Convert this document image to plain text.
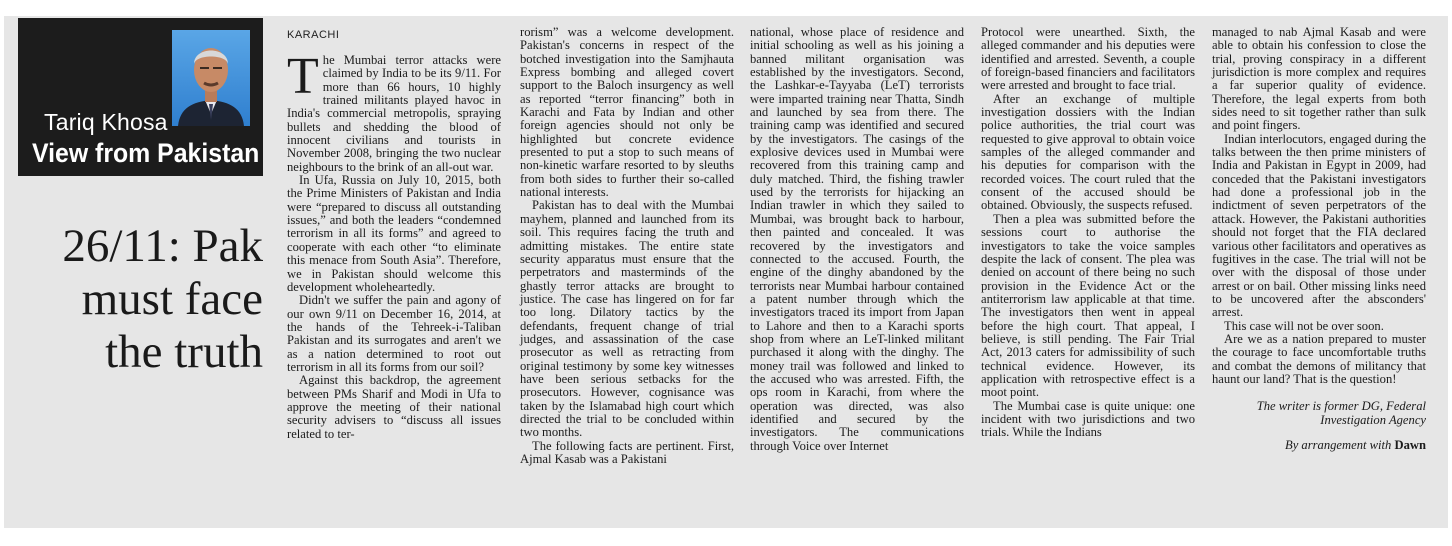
Tariq Khosa
View from Pakistan
26/11: Pak
must face
the truth
KARACHI

The Mumbai terror attacks were claimed by India to be its 9/11. For more than 66 hours, 10 highly trained militants played havoc in India's commercial metropolis, spraying bullets and shedding the blood of innocent civilians and tourists in November 2008, bringing the two nuclear neighbours to the brink of an all-out war.

In Ufa, Russia on July 10, 2015, both the Prime Ministers of Pakistan and India were “prepared to discuss all outstanding issues,” and both the leaders “condemned terrorism in all its forms” and agreed to cooperate with each other “to eliminate this menace from South Asia”. Therefore, we in Pakistan should welcome this development wholeheartedly.

Didn't we suffer the pain and agony of our own 9/11 on December 16, 2014, at the hands of the Tehreek-i-Taliban Pakistan and its surrogates and aren't we as a nation determined to root out terrorism in all its forms from our soil?

Against this backdrop, the agreement between PMs Sharif and Modi in Ufa to approve the meeting of their national security advisers to “discuss all issues related to ter-

rorism” was a welcome development. Pakistan's concerns in respect of the botched investigation into the Samjhauta Express bombing and alleged covert support to the Baloch insurgency as well as reported “terror financing” both in Karachi and Fata by Indian and other foreign agencies should not only be highlighted but concrete evidence presented to put a stop to such means of non-kinetic warfare resorted to by sleuths from both sides to further their so-called national interests.

Pakistan has to deal with the Mumbai mayhem, planned and launched from its soil. This requires facing the truth and admitting mistakes. The entire state security apparatus must ensure that the perpetrators and masterminds of the ghastly terror attacks are brought to justice. The case has lingered on for far too long. Dilatory tactics by the defendants, frequent change of trial judges, and assassination of the case prosecutor as well as retracting from original testimony by some key witnesses have been serious setbacks for the prosecutors. However, cognisance was taken by the Islamabad high court which directed the trial to be concluded within two months.

The following facts are pertinent. First, Ajmal Kasab was a Pakistani

national, whose place of residence and initial schooling as well as his joining a banned militant organisation was established by the investigators. Second, the Lashkar-e-Tayyaba (LeT) terrorists were imparted training near Thatta, Sindh and launched by sea from there. The training camp was identified and secured by the investigators. The casings of the explosive devices used in Mumbai were recovered from this training camp and duly matched. Third, the fishing trawler used by the terrorists for hijacking an Indian trawler in which they sailed to Mumbai, was brought back to harbour, then painted and concealed. It was recovered by the investigators and connected to the accused. Fourth, the engine of the dinghy abandoned by the terrorists near Mumbai harbour contained a patent number through which the investigators traced its import from Japan to Lahore and then to a Karachi sports shop from where an LeT-linked militant purchased it along with the dinghy. The money trail was followed and linked to the accused who was arrested. Fifth, the ops room in Karachi, from where the operation was directed, was also identified and secured by the investigators. The communications through Voice over Internet

Protocol were unearthed. Sixth, the alleged commander and his deputies were identified and arrested. Seventh, a couple of foreign-based financiers and facilitators were arrested and brought to face trial.

After an exchange of multiple investigation dossiers with the Indian police authorities, the trial court was requested to give approval to obtain voice samples of the alleged commander and his deputies for comparison with the recorded voices. The court ruled that the consent of the accused should be obtained. Obviously, the suspects refused.

Then a plea was submitted before the sessions court to authorise the investigators to take the voice samples despite the lack of consent. The plea was denied on account of there being no such provision in the Evidence Act or the antiterrorism law applicable at that time. The investigators then went in appeal before the high court. That appeal, I believe, is still pending. The Fair Trial Act, 2013 caters for admissibility of such technical evidence. However, its application with retrospective effect is a moot point.

The Mumbai case is quite unique: one incident with two jurisdictions and two trials. While the Indians

managed to nab Ajmal Kasab and were able to obtain his confession to close the trial, proving conspiracy in a different jurisdiction is more complex and requires a far superior quality of evidence. Therefore, the legal experts from both sides need to sit together rather than sulk and point fingers.

Indian interlocutors, engaged during the talks between the then prime ministers of India and Pakistan in Egypt in 2009, had conceded that the Pakistani investigators had done a professional job in the indictment of seven perpetrators of the attack. However, the Pakistani authorities should not forget that the FIA declared various other facilitators and operatives as fugitives in the case. The trial will not be over with the disposal of those under arrest or on bail. Other missing links need to be uncovered after the absconders' arrest.

This case will not be over soon.

Are we as a nation prepared to muster the courage to face uncomfortable truths and combat the demons of militancy that haunt our land? That is the question!

The writer is former DG, Federal Investigation Agency

By arrangement with Dawn
